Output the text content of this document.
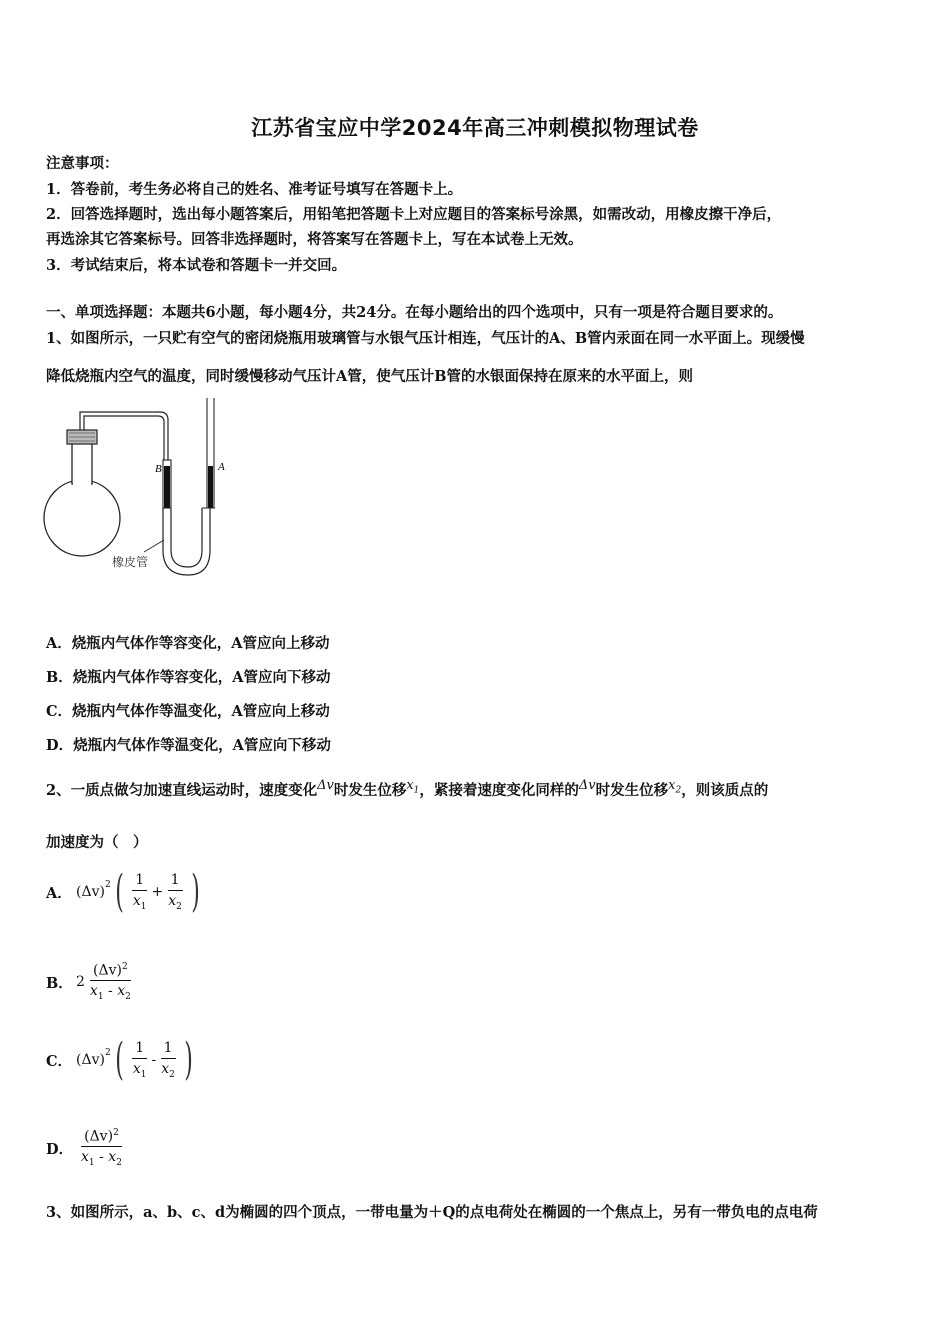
江苏省宝应中学2024年高三冲刺模拟物理试卷
注意事项：
1．答卷前，考生务必将自己的姓名、准考证号填写在答题卡上。
2．回答选择题时，选出每小题答案后，用铅笔把答题卡上对应题目的答案标号涂黑，如需改动，用橡皮擦干净后，
再选涂其它答案标号。回答非选择题时，将答案写在答题卡上，写在本试卷上无效。
3．考试结束后，将本试卷和答题卡一并交回。
一、单项选择题：本题共6小题，每小题4分，共24分。在每小题给出的四个选项中，只有一项是符合题目要求的。
1、如图所示，一只贮有空气的密闭烧瓶用玻璃管与水银气压计相连，气压计的A、B管内汞面在同一水平面上。现缓慢
降低烧瓶内空气的温度，同时缓慢移动气压计A管，使气压计B管的水银面保持在原来的水平面上，则
B	A
橡皮管
A．烧瓶内气体作等容变化，A管应向上移动
B．烧瓶内气体作等容变化，A管应向下移动
C．烧瓶内气体作等温变化，A管应向上移动
D．烧瓶内气体作等温变化，A管应向下移动
2、一质点做匀加速直线运动时，速度变化$^{\Delta v}$时发生位移$^{x_1}$，紧接着速度变化同样的$^{\Delta v}$时发生位移$^{x_2}$，则该质点的
加速度为（　）
A． $(\Delta v)^2$ ( $\frac{1}{x_1} + \frac{1}{x_2}$ )
B． $2 \frac{(\Delta v)^2}{x_1 - x_2}$
C． $(\Delta v)^2$ ( $\frac{1}{x_1} - \frac{1}{x_2}$ )
D． $\frac{(\Delta v)^2}{x_1 - x_2}$
3、如图所示，a、b、c、d为椭圆的四个顶点，一带电量为＋Q的点电荷处在椭圆的一个焦点上，另有一带负电的点电荷
